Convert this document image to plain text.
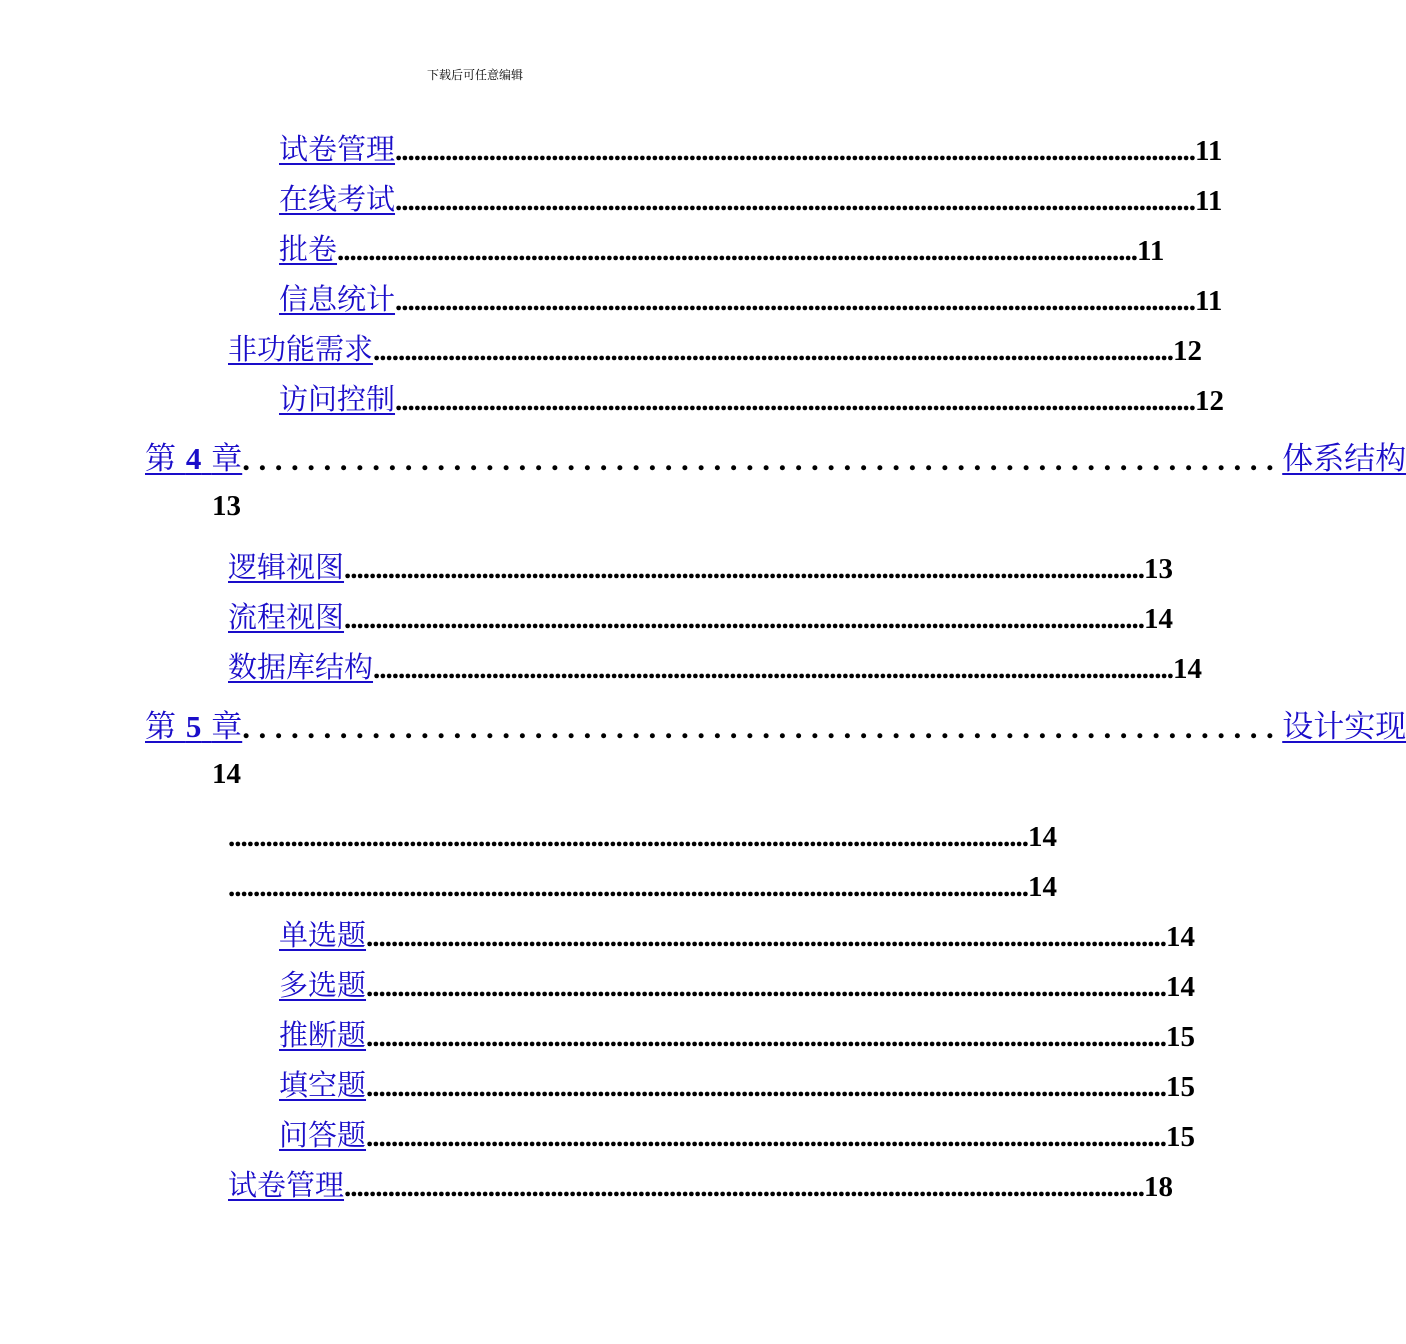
下载后可任意编辑
试卷管理 ................................................................................................................................ 11
在线考试 ................................................................................................................................ 11
批卷 ................................................................................................................................ 11
信息统计 ................................................................................................................................ 11
非功能需求 ................................................................................................................................ 12
访问控制 ................................................................................................................................ 12
第 4 章 ................................................................ 体系结构
13
逻辑视图 ................................................................................................................................ 13
流程视图 ................................................................................................................................ 14
数据库结构 ................................................................................................................................ 14
第 5 章 ................................................................ 设计实现
14
................................................................................................................................ 14
................................................................................................................................ 14
单选题 ................................................................................................................................ 14
多选题 ................................................................................................................................ 14
推断题 ................................................................................................................................ 15
填空题 ................................................................................................................................ 15
问答题 ................................................................................................................................ 15
试卷管理 ................................................................................................................................ 18
